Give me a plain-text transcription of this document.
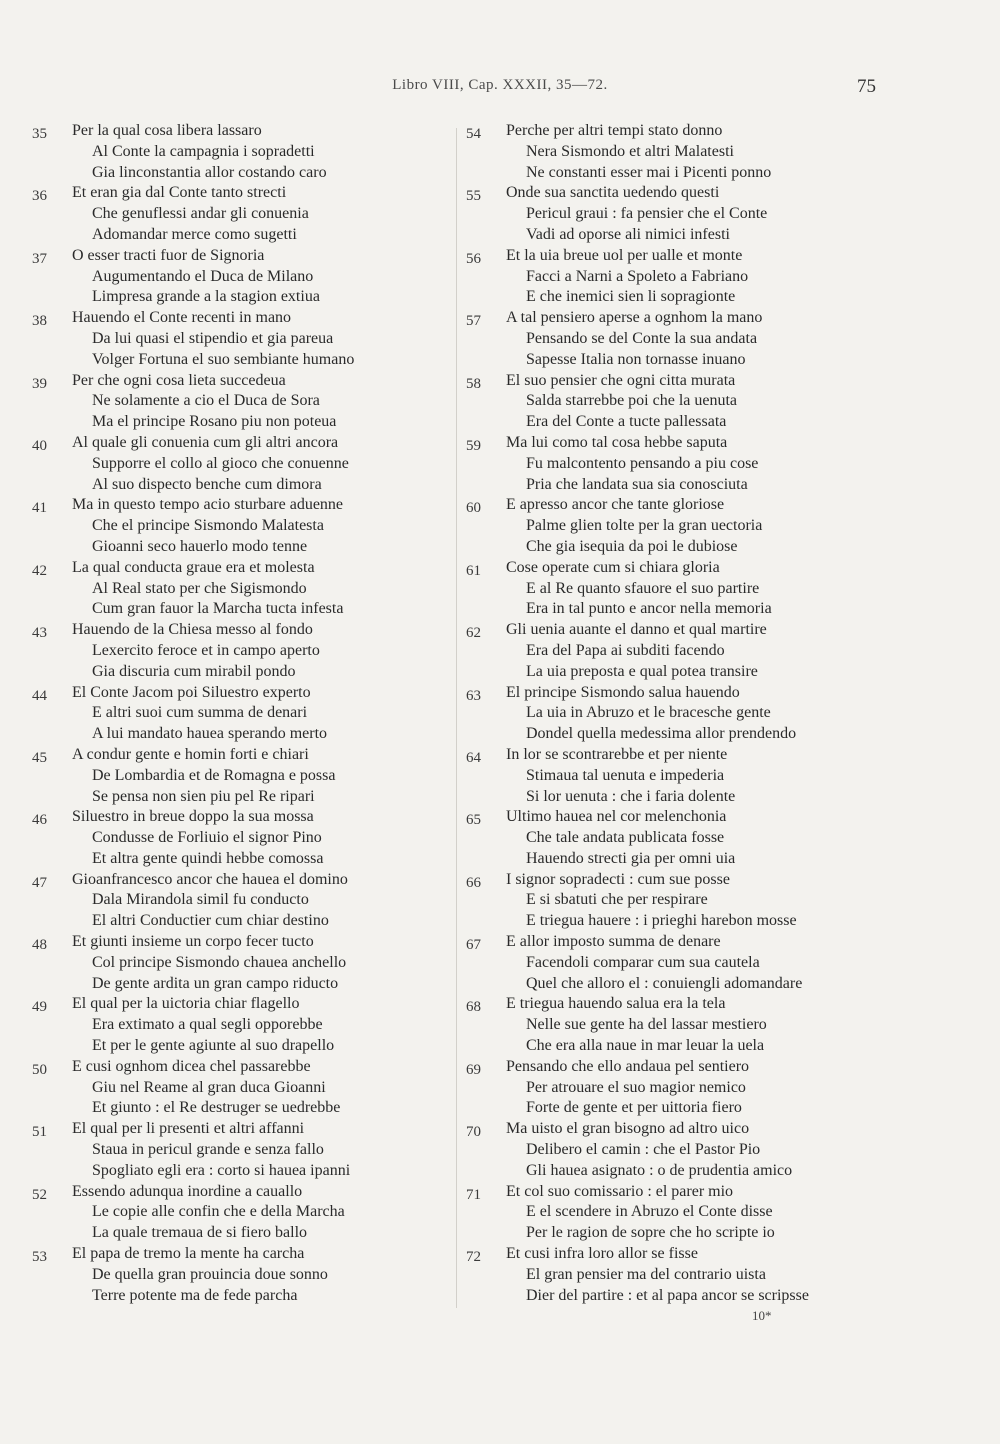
Libro VIII, Cap. XXXII, 35—72.	75
35	Per la qual cosa libera lassaro
Al Conte la campagnia i sopradetti
Gia linconstantia allor costando caro
36	Et eran gia dal Conte tanto strecti
Che genuflessi andar gli conuenia
Adomandar merce como sugetti
37	O esser tracti fuor de Signoria
Augumentando el Duca de Milano
Limpresa grande a la stagion extiua
38	Hauendo el Conte recenti in mano
Da lui quasi el stipendio et gia pareua
Volger Fortuna el suo sembiante humano
39	Per che ogni cosa lieta succedeua
Ne solamente a cio el Duca de Sora
Ma el principe Rosano piu non poteua
40	Al quale gli conuenia cum gli altri ancora
Supporre el collo al gioco che conuenne
Al suo dispecto benche cum dimora
41	Ma in questo tempo acio sturbare aduenne
Che el principe Sismondo Malatesta
Gioanni seco hauerlo modo tenne
42	La qual conducta graue era et molesta
Al Real stato per che Sigismondo
Cum gran fauor la Marcha tucta infesta
43	Hauendo de la Chiesa messo al fondo
Lexercito feroce et in campo aperto
Gia discuria cum mirabil pondo
44	El Conte Jacom poi Siluestro experto
E altri suoi cum summa de denari
A lui mandato hauea sperando merto
45	A condur gente e homin forti e chiari
De Lombardia et de Romagna e possa
Se pensa non sien piu pel Re ripari
46	Siluestro in breue doppo la sua mossa
Condusse de Forliuio el signor Pino
Et altra gente quindi hebbe comossa
47	Gioanfrancesco ancor che hauea el domino
Dala Mirandola simil fu conducto
El altri Conductier cum chiar destino
48	Et giunti insieme un corpo fecer tucto
Col principe Sismondo chauea anchello
De gente ardita un gran campo riducto
49	El qual per la uictoria chiar flagello
Era extimato a qual segli opporebbe
Et per le gente agiunte al suo drapello
50	E cusi ognhom dicea chel passarebbe
Giu nel Reame al gran duca Gioanni
Et giunto : el Re destruger se uedrebbe
51	El qual per li presenti et altri affanni
Staua in pericul grande e senza fallo
Spogliato egli era : corto si hauea ipanni
52	Essendo adunqua inordine a cauallo
Le copie alle confin che e della Marcha
La quale tremaua de si fiero ballo
53	El papa de tremo la mente ha carcha
De quella gran prouincia doue sonno
Terre potente ma de fede parcha
54	Perche per altri tempi stato donno
Nera Sismondo et altri Malatesti
Ne constanti esser mai i Picenti ponno
55	Onde sua sanctita uedendo questi
Pericul graui : fa pensier che el Conte
Vadi ad oporse ali nimici infesti
56	Et la uia breue uol per ualle et monte
Facci a Narni a Spoleto a Fabriano
E che inemici sien li sopragionte
57	A tal pensiero aperse a ognhom la mano
Pensando se del Conte la sua andata
Sapesse Italia non tornasse inuano
58	El suo pensier che ogni citta murata
Salda starrebbe poi che la uenuta
Era del Conte a tucte pallessata
59	Ma lui como tal cosa hebbe saputa
Fu malcontento pensando a piu cose
Pria che landata sua sia conosciuta
60	E apresso ancor che tante gloriose
Palme glien tolte per la gran uectoria
Che gia isequia da poi le dubiose
61	Cose operate cum si chiara gloria
E al Re quanto sfauore el suo partire
Era in tal punto e ancor nella memoria
62	Gli uenia auante el danno et qual martire
Era del Papa ai subditi facendo
La uia preposta e qual potea transire
63	El principe Sismondo salua hauendo
La uia in Abruzo et le bracesche gente
Dondel quella medessima allor prendendo
64	In lor se scontrarebbe et per niente
Stimaua tal uenuta e impederia
Si lor uenuta : che i faria dolente
65	Ultimo hauea nel cor melenchonia
Che tale andata publicata fosse
Hauendo strecti gia per omni uia
66	I signor sopradecti : cum sue posse
E si sbatuti che per respirare
E triegua hauere : i prieghi harebon mosse
67	E allor imposto summa de denare
Facendoli comparar cum sua cautela
Quel che alloro el : conuiengli adomandare
68	E triegua hauendo salua era la tela
Nelle sue gente ha del lassar mestiero
Che era alla naue in mar leuar la uela
69	Pensando che ello andaua pel sentiero
Per atrouare el suo magior nemico
Forte de gente et per uittoria fiero
70	Ma uisto el gran bisogno ad altro uico
Delibero el camin : che el Pastor Pio
Gli hauea asignato : o de prudentia amico
71	Et col suo comissario : el parer mio
E el scendere in Abruzo el Conte disse
Per le ragion de sopre che ho scripte io
72	Et cusi infra loro allor se fisse
El gran pensier ma del contrario uista
Dier del partire : et al papa ancor se scripsse
10*
